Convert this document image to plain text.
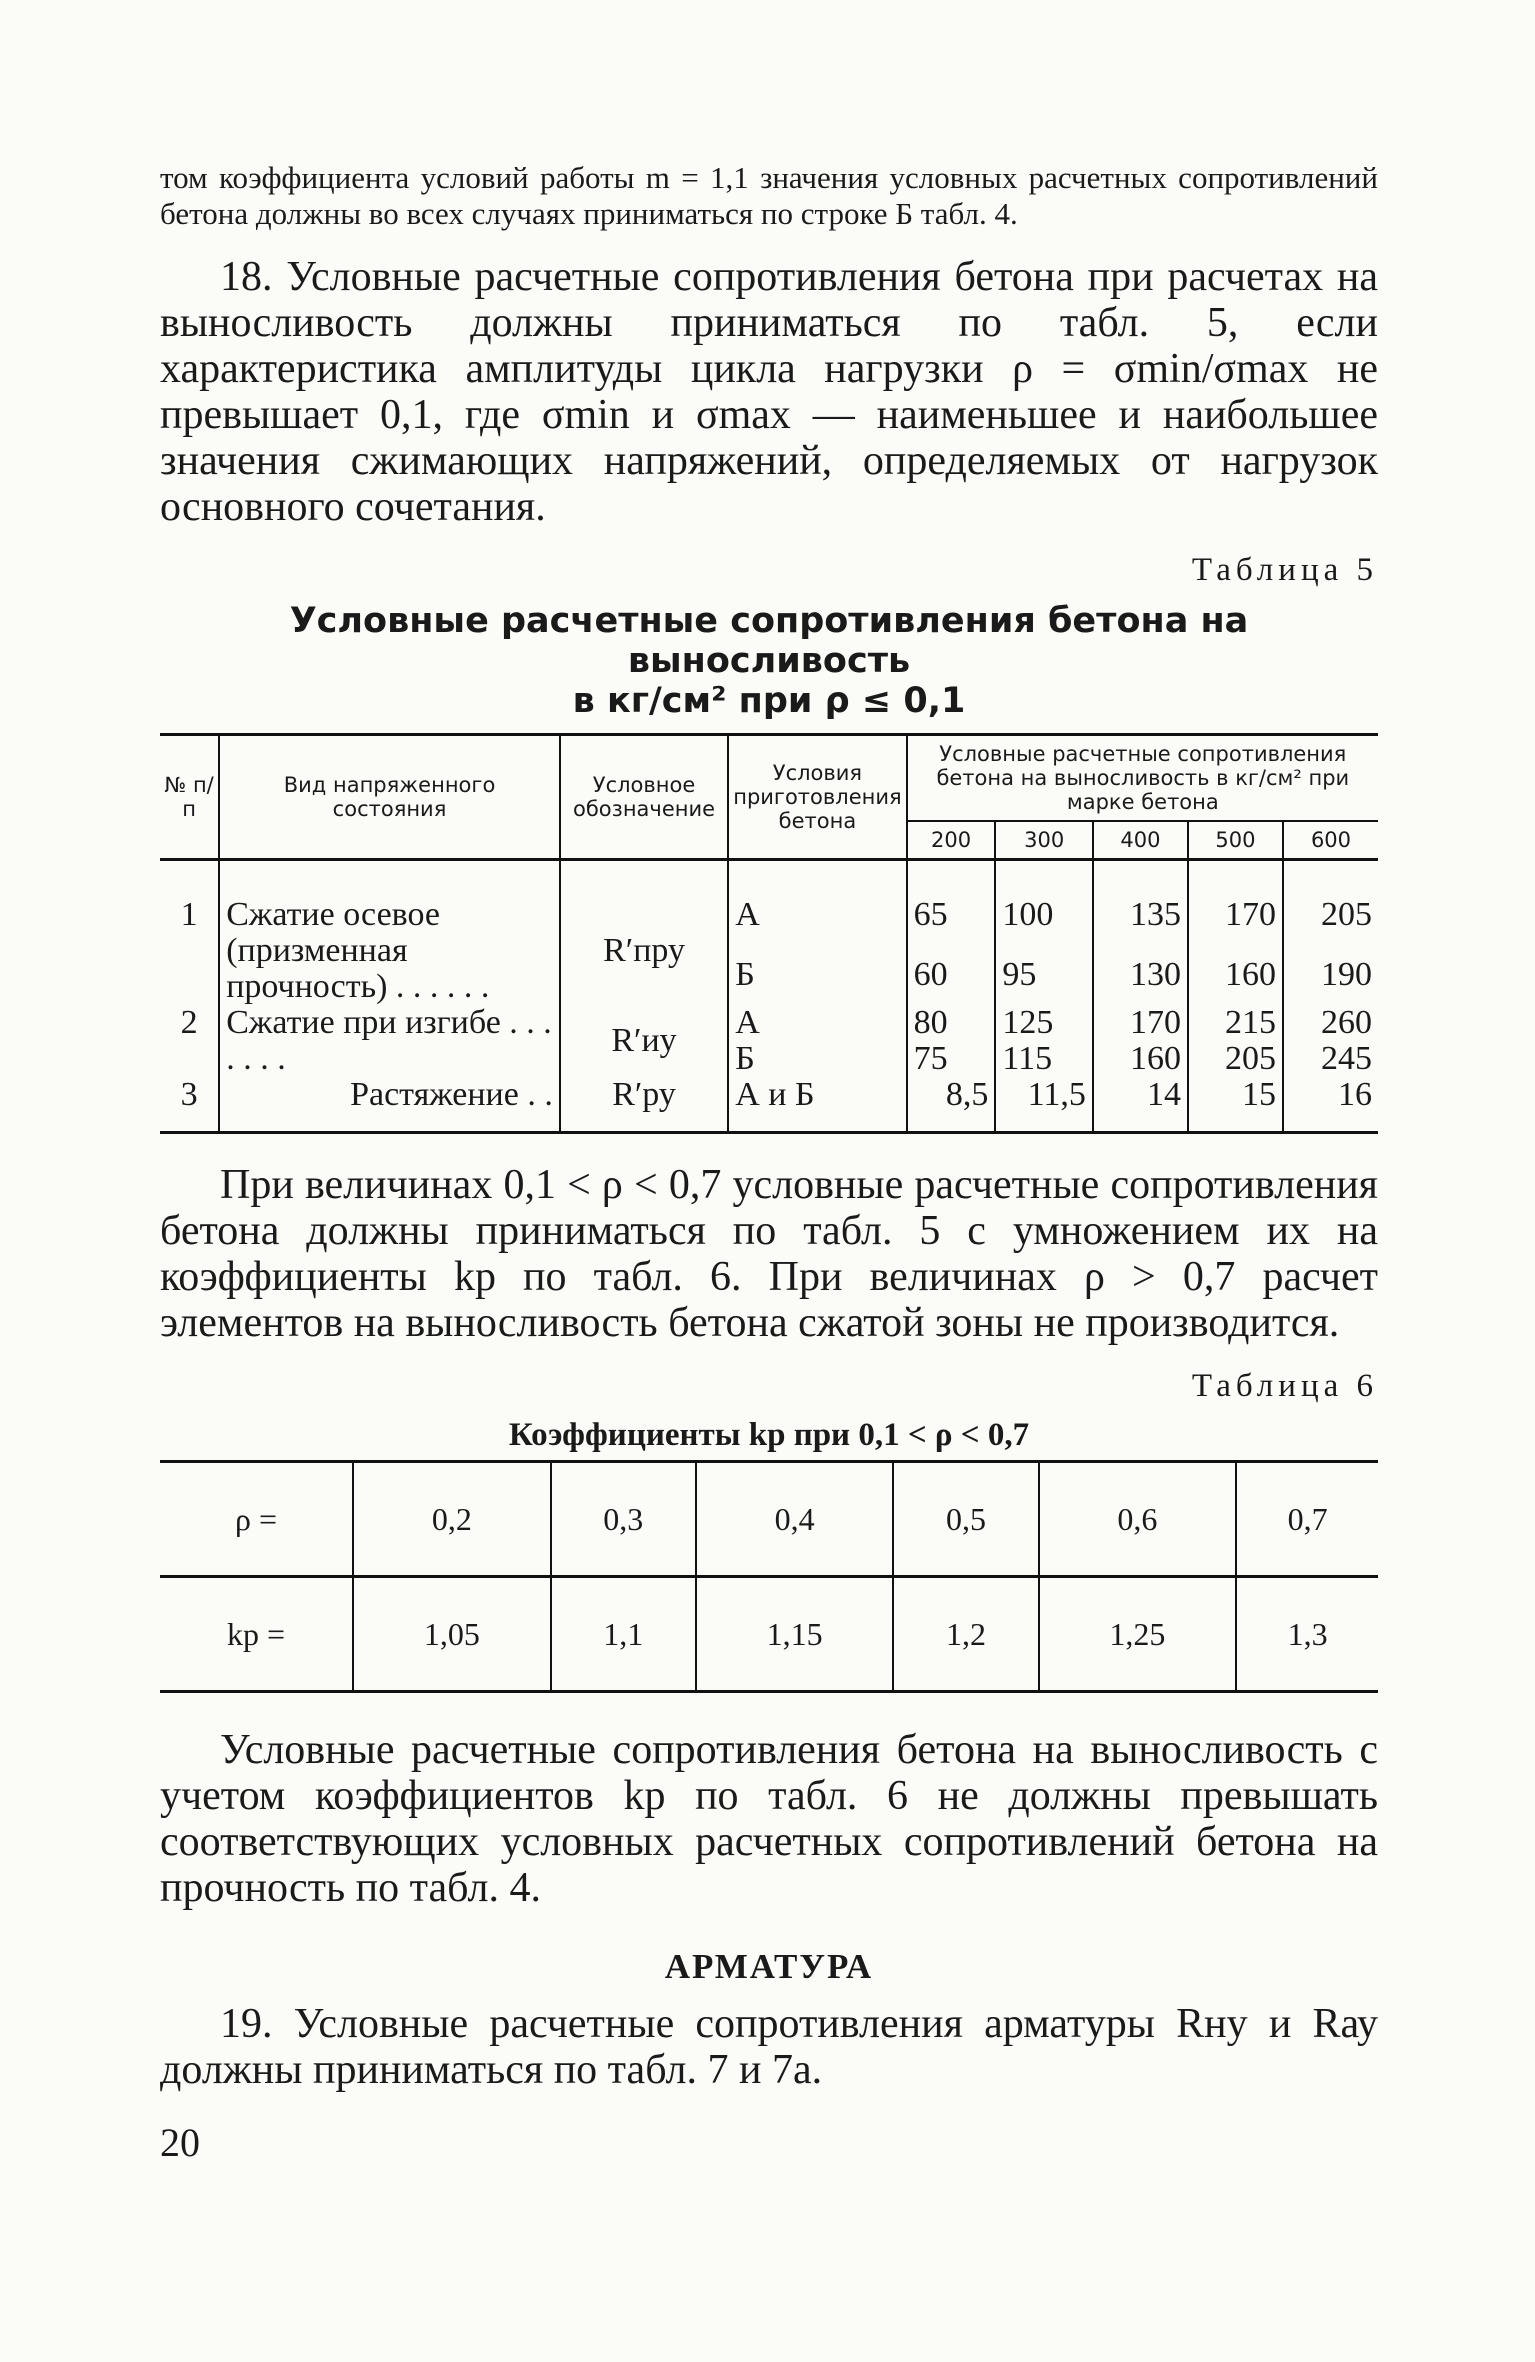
том коэффициента условий работы m = 1,1 значения условных расчетных сопротивлений бетона должны во всех случаях приниматься по строке Б табл. 4.

18. Условные расчетные сопротивления бетона при расчетах на выносливость должны приниматься по табл. 5, если характеристика амплитуды цикла нагрузки ρ = σmin/σmax не превышает 0,1, где σmin и σmax — наименьшее и наибольшее значения сжимающих напряжений, определяемых от нагрузок основного сочетания.

Таблица 5
Условные расчетные сопротивления бетона на выносливость
в кг/см² при ρ ≤ 0,1
№ п/п	Вид напряженного состояния	Условное обозначение	Условия приготовления бетона	Условные расчетные сопротивления бетона на выносливость в кг/см² при марке бетона				
				200	300	400	500	600
1	Сжатие осевое (призменная прочность) . . . . . .	R′пру	А	65	100	135	170	205
			Б	60	95	130	160	190
2	Сжатие при изгибе . . . . . . .	R′иу	А	80	125	170	215	260
			Б	75	115	160	205	245
3	Растяжение . .	R′ру	А и Б	8,5	11,5	14	15	16

При величинах 0,1 < ρ < 0,7 условные расчетные сопротивления бетона должны приниматься по табл. 5 с умножением их на коэффициенты kр по табл. 6. При величинах ρ > 0,7 расчет элементов на выносливость бетона сжатой зоны не производится.

Таблица 6
Коэффициенты kр при 0,1 < ρ < 0,7
ρ =	0,2	0,3	0,4	0,5	0,6	0,7
kр =	1,05	1,1	1,15	1,2	1,25	1,3

Условные расчетные сопротивления бетона на выносливость с учетом коэффициентов kр по табл. 6 не должны превышать соответствующих условных расчетных сопротивлений бетона на прочность по табл. 4.

АРМАТУРА

19. Условные расчетные сопротивления арматуры Rну и Rау должны приниматься по табл. 7 и 7а.

20
